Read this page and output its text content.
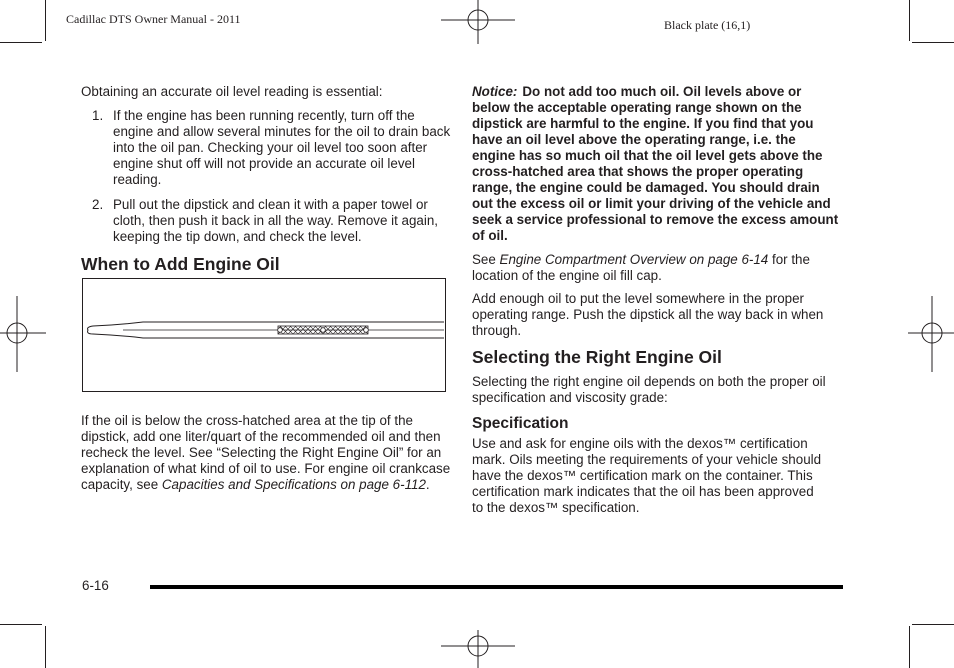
Cadillac DTS Owner Manual - 2011	Black plate (16,1)

Obtaining an accurate oil level reading is essential:

1. If the engine has been running recently, turn off the engine and allow several minutes for the oil to drain back into the oil pan. Checking your oil level too soon after engine shut off will not provide an accurate oil level reading.
2. Pull out the dipstick and clean it with a paper towel or cloth, then push it back in all the way. Remove it again, keeping the tip down, and check the level.
When to Add Engine Oil

If the oil is below the cross-hatched area at the tip of the dipstick, add one liter/quart of the recommended oil and then recheck the level. See “Selecting the Right Engine Oil” for an explanation of what kind of oil to use. For engine oil crankcase capacity, see Capacities and Specifications on page 6-112.

Notice: Do not add too much oil. Oil levels above or below the acceptable operating range shown on the dipstick are harmful to the engine. If you find that you have an oil level above the operating range, i.e. the engine has so much oil that the oil level gets above the cross-hatched area that shows the proper operating range, the engine could be damaged. You should drain out the excess oil or limit your driving of the vehicle and seek a service professional to remove the excess amount of oil.

See Engine Compartment Overview on page 6-14 for the location of the engine oil fill cap.

Add enough oil to put the level somewhere in the proper operating range. Push the dipstick all the way back in when through.

Selecting the Right Engine Oil

Selecting the right engine oil depends on both the proper oil specification and viscosity grade:

Specification

Use and ask for engine oils with the dexos™ certification mark. Oils meeting the requirements of your vehicle should have the dexos™ certification mark on the container. This certification mark indicates that the oil has been approved to the dexos™ specification.

6-16
